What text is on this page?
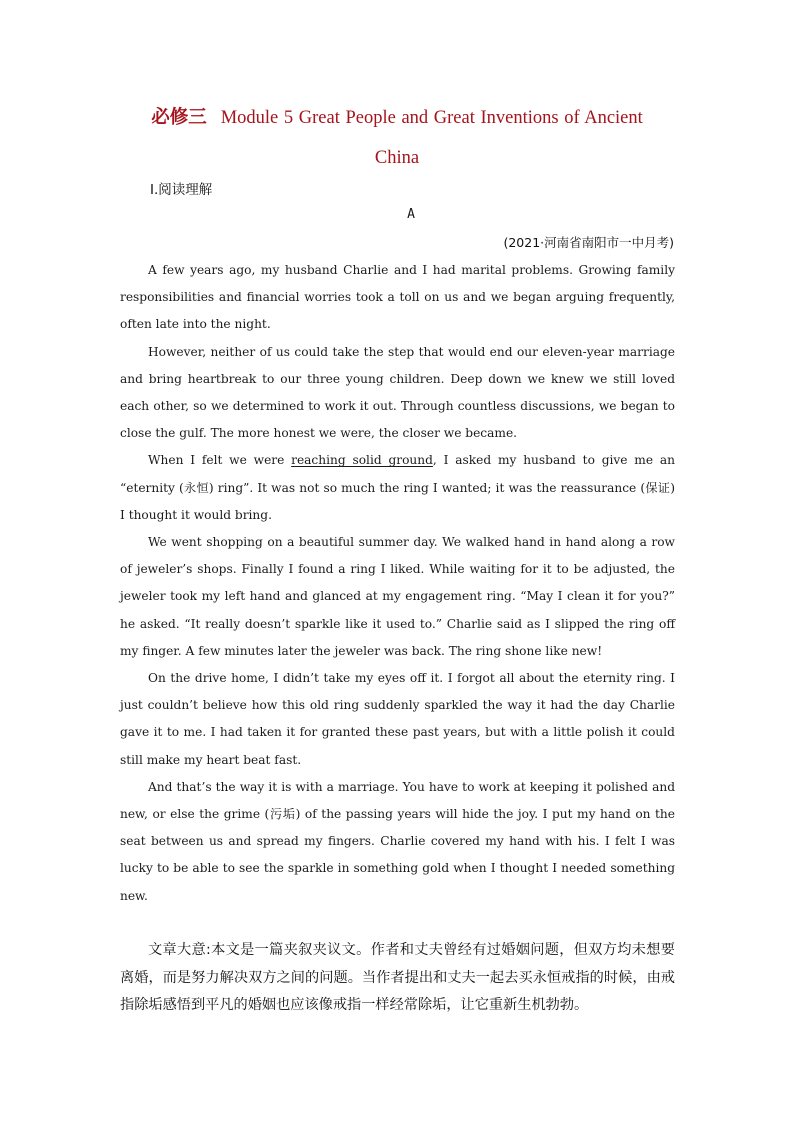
必修三 Module 5 Great People and Great Inventions of Ancient
China
Ⅰ.阅读理解
A
(2021·河南省南阳市一中月考)

A few years ago, my husband Charlie and I had marital problems. Growing family responsibilities and financial worries took a toll on us and we began arguing frequently, often late into the night.

However, neither of us could take the step that would end our eleven-year marriage and bring heartbreak to our three young children. Deep down we knew we still loved each other, so we determined to work it out. Through countless discussions, we began to close the gulf. The more honest we were, the closer we became.

When I felt we were reaching solid ground, I asked my husband to give me an “eternity (永恒) ring”. It was not so much the ring I wanted; it was the reassurance (保证) I thought it would bring.

We went shopping on a beautiful summer day. We walked hand in hand along a row of jeweler’s shops. Finally I found a ring I liked. While waiting for it to be adjusted, the jeweler took my left hand and glanced at my engagement ring. “May I clean it for you?” he asked. “It really doesn’t sparkle like it used to.” Charlie said as I slipped the ring off my finger. A few minutes later the jeweler was back. The ring shone like new!

On the drive home, I didn’t take my eyes off it. I forgot all about the eternity ring. I just couldn’t believe how this old ring suddenly sparkled the way it had the day Charlie gave it to me. I had taken it for granted these past years, but with a little polish it could still make my heart beat fast.

And that’s the way it is with a marriage. You have to work at keeping it polished and new, or else the grime (污垢) of the passing years will hide the joy. I put my hand on the seat between us and spread my fingers. Charlie covered my hand with his. I felt I was lucky to be able to see the sparkle in something gold when I thought I needed something new.

文章大意:本文是一篇夹叙夹议文。作者和丈夫曾经有过婚姻问题，但双方均未想要离婚，而是努力解决双方之间的问题。当作者提出和丈夫一起去买永恒戒指的时候，由戒指除垢感悟到平凡的婚姻也应该像戒指一样经常除垢，让它重新生机勃勃。
